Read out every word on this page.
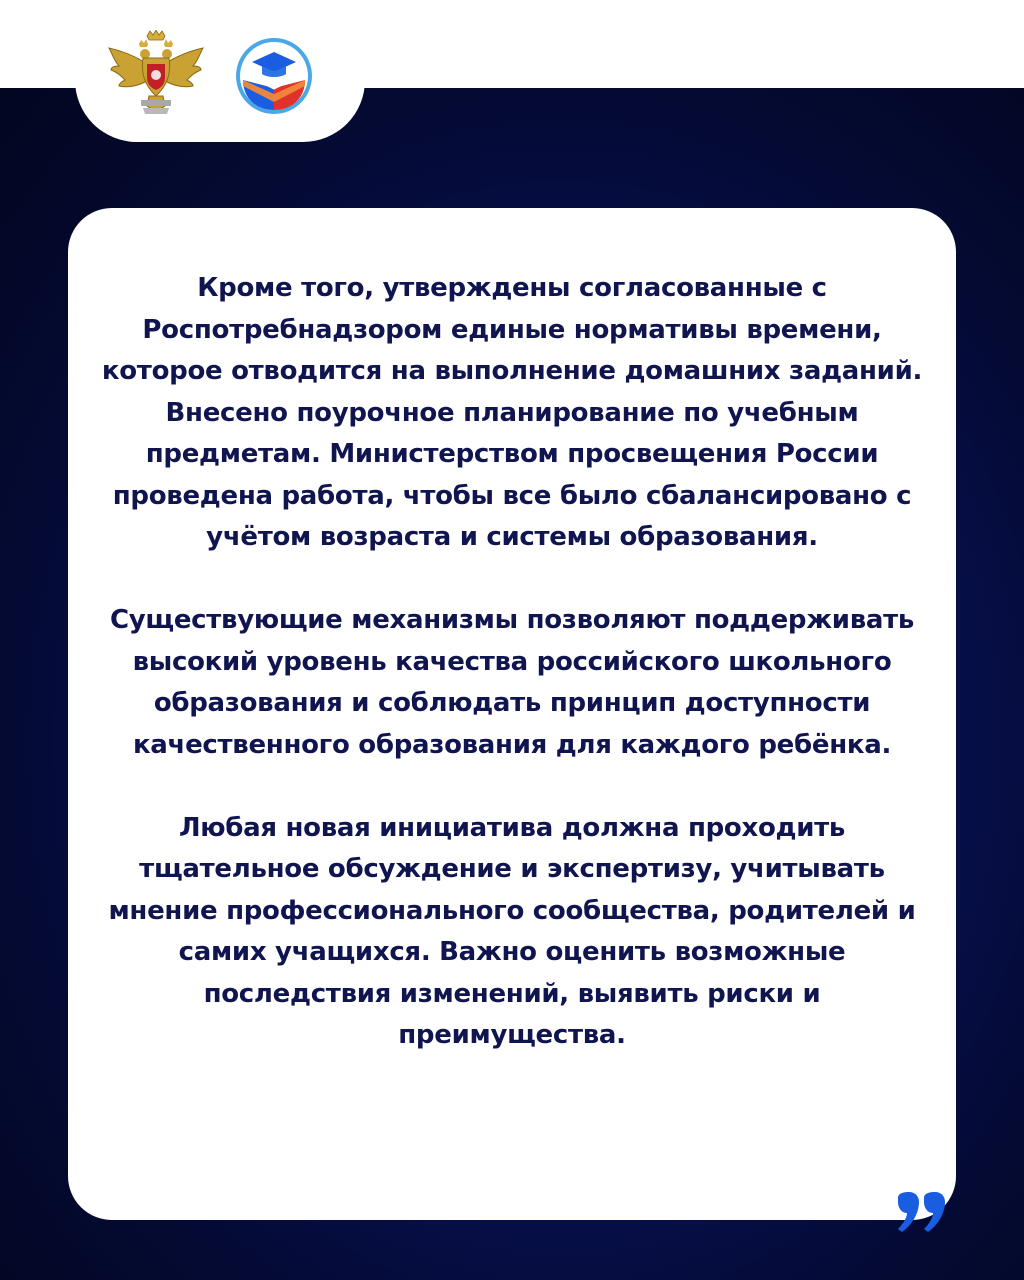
Кроме того, утверждены согласованные с Роспотребнадзором единые нормативы времени, которое отводится на выполнение домашних заданий. Внесено поурочное планирование по учебным предметам. Министерством просвещения России проведена работа, чтобы все было сбалансировано с учётом возраста и системы образования.

Существующие механизмы позволяют поддерживать высокий уровень качества российского школьного образования и соблюдать принцип доступности качественного образования для каждого ребёнка.

Любая новая инициатива должна проходить тщательное обсуждение и экспертизу, учитывать мнение профессионального сообщества, родителей и самих учащихся. Важно оценить возможные последствия изменений, выявить риски и преимущества.
